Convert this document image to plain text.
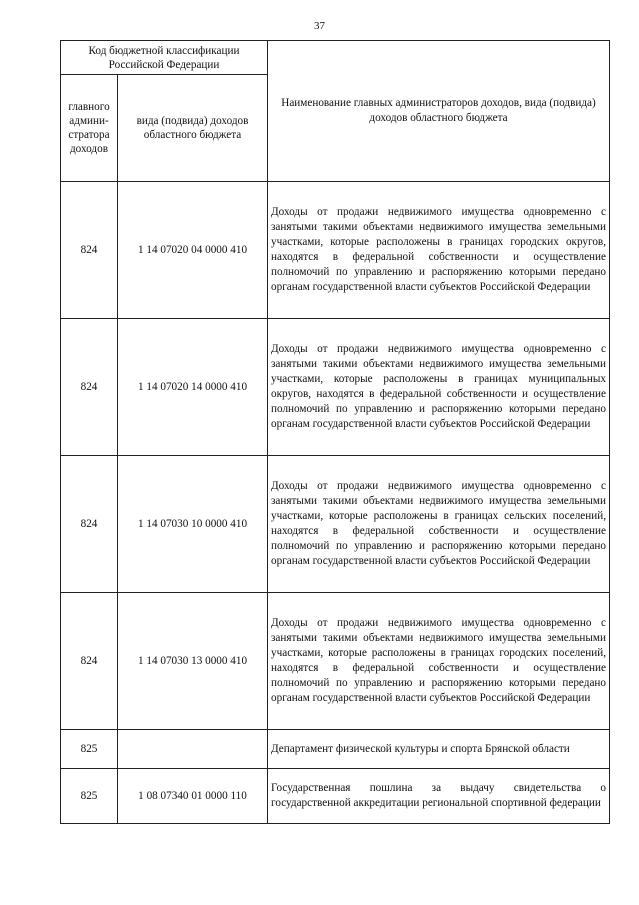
37
Код бюджетной классификации Российской Федерации		Наименование главных администраторов доходов, вида (подвида) доходов областного бюджета
главного админи-стратора доходов	вида (подвида) доходов областного бюджета	
824	1 14 07020 04 0000 410	Доходы от продажи недвижимого имущества одновременно с занятыми такими объектами недвижимого имущества земельными участками, которые расположены в границах городских округов, находятся в федеральной собственности и осуществление полномочий по управлению и распоряжению которыми передано органам государственной власти субъектов Российской Федерации
824	1 14 07020 14 0000 410	Доходы от продажи недвижимого имущества одновременно с занятыми такими объектами недвижимого имущества земельными участками, которые расположены в границах муниципальных округов, находятся в федеральной собственности и осуществление полномочий по управлению и распоряжению которыми передано органам государственной власти субъектов Российской Федерации
824	1 14 07030 10 0000 410	Доходы от продажи недвижимого имущества одновременно с занятыми такими объектами недвижимого имущества земельными участками, которые расположены в границах сельских поселений, находятся в федеральной собственности и осуществление полномочий по управлению и распоряжению которыми передано органам государственной власти субъектов Российской Федерации
824	1 14 07030 13 0000 410	Доходы от продажи недвижимого имущества одновременно с занятыми такими объектами недвижимого имущества земельными участками, которые расположены в границах городских поселений, находятся в федеральной собственности и осуществление полномочий по управлению и распоряжению которыми передано органам государственной власти субъектов Российской Федерации
825		Департамент физической культуры и спорта Брянской области
825	1 08 07340 01 0000 110	Государственная пошлина за выдачу свидетельства о государственной аккредитации региональной спортивной федерации
